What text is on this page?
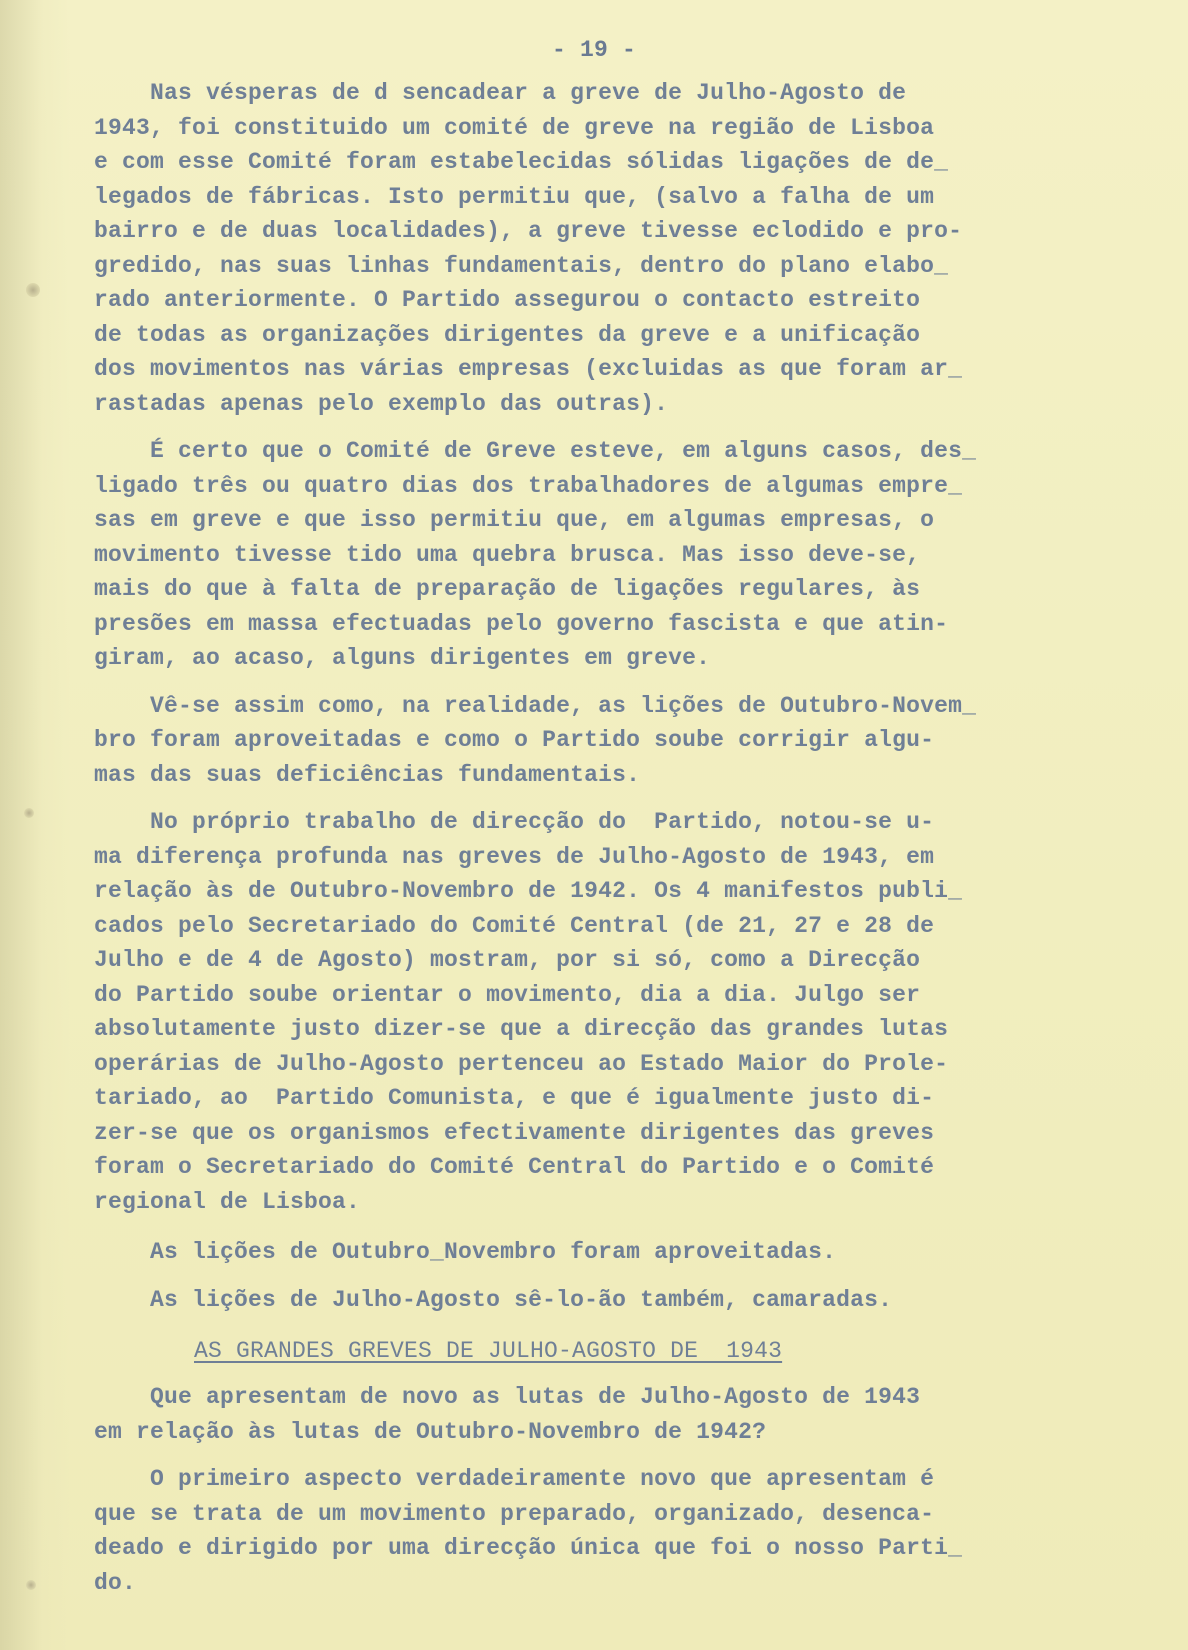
- 19 -
Nas vésperas de d sencadear a greve de Julho-Agosto de
1943, foi constituido um comité de greve na região de Lisboa
e com esse Comité foram estabelecidas sólidas ligações de de_
legados de fábricas. Isto permitiu que, (salvo a falha de um
bairro e de duas localidades), a greve tivesse eclodido e pro-
gredido, nas suas linhas fundamentais, dentro do plano elabo_
rado anteriormente. O Partido assegurou o contacto estreito
de todas as organizações dirigentes da greve e a unificação
dos movimentos nas várias empresas (excluidas as que foram ar_
rastadas apenas pelo exemplo das outras).
É certo que o Comité de Greve esteve, em alguns casos, des_
ligado três ou quatro dias dos trabalhadores de algumas empre_
sas em greve e que isso permitiu que, em algumas empresas, o
movimento tivesse tido uma quebra brusca. Mas isso deve-se,
mais do que à falta de preparação de ligações regulares, às
presões em massa efectuadas pelo governo fascista e que atin-
giram, ao acaso, alguns dirigentes em greve.
Vê-se assim como, na realidade, as lições de Outubro-Novem_
bro foram aproveitadas e como o Partido soube corrigir algu-
mas das suas deficiências fundamentais.
No próprio trabalho de direcção do  Partido, notou-se u-
ma diferença profunda nas greves de Julho-Agosto de 1943, em
relação às de Outubro-Novembro de 1942. Os 4 manifestos publi_
cados pelo Secretariado do Comité Central (de 21, 27 e 28 de
Julho e de 4 de Agosto) mostram, por si só, como a Direcção
do Partido soube orientar o movimento, dia a dia. Julgo ser
absolutamente justo dizer-se que a direcção das grandes lutas
operárias de Julho-Agosto pertenceu ao Estado Maior do Prole-
tariado, ao  Partido Comunista, e que é igualmente justo di-
zer-se que os organismos efectivamente dirigentes das greves
foram o Secretariado do Comité Central do Partido e o Comité
regional de Lisboa.
As lições de Outubro_Novembro foram aproveitadas.
As lições de Julho-Agosto sê-lo-ão também, camaradas.
AS GRANDES GREVES DE JULHO-AGOSTO DE  1943
Que apresentam de novo as lutas de Julho-Agosto de 1943
em relação às lutas de Outubro-Novembro de 1942?
O primeiro aspecto verdadeiramente novo que apresentam é
que se trata de um movimento preparado, organizado, desenca-
deado e dirigido por uma direcção única que foi o nosso Parti_
do.
